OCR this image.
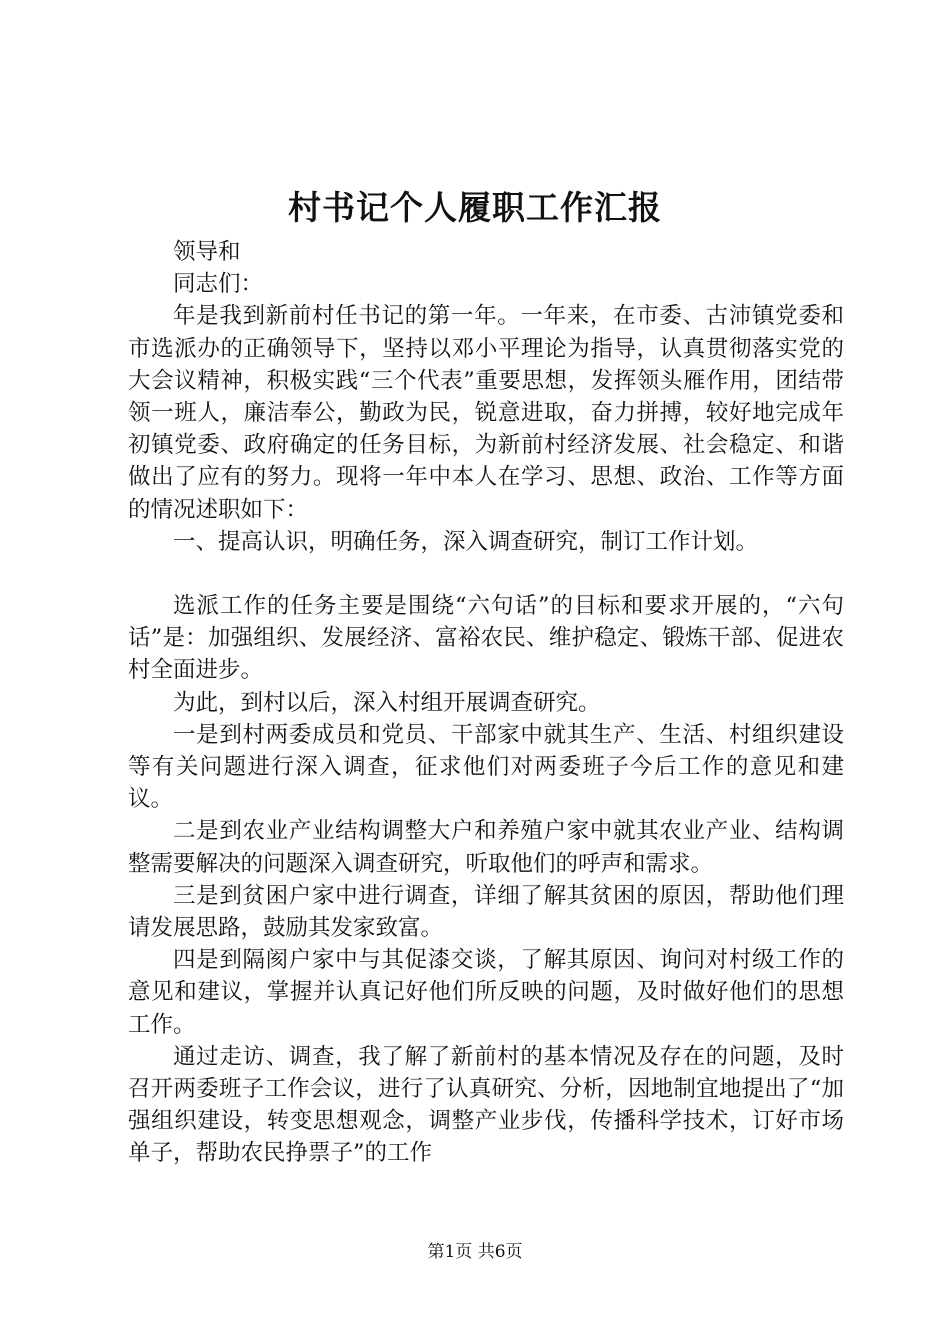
村书记个人履职工作汇报

领导和

同志们：

年是我到新前村任书记的第一年。一年来，在市委、古沛镇党委和市选派办的正确领导下，坚持以邓小平理论为指导，认真贯彻落实党的大会议精神，积极实践“三个代表”重要思想，发挥领头雁作用，团结带领一班人，廉洁奉公，勤政为民，锐意进取，奋力拼搏，较好地完成年初镇党委、政府确定的任务目标，为新前村经济发展、社会稳定、和谐做出了应有的努力。现将一年中本人在学习、思想、政治、工作等方面的情况述职如下：

一、提高认识，明确任务，深入调查研究，制订工作计划。

选派工作的任务主要是围绕“六句话”的目标和要求开展的，“六句话”是：加强组织、发展经济、富裕农民、维护稳定、锻炼干部、促进农村全面进步。

为此，到村以后，深入村组开展调查研究。

一是到村两委成员和党员、干部家中就其生产、生活、村组织建设等有关问题进行深入调查，征求他们对两委班子今后工作的意见和建议。

二是到农业产业结构调整大户和养殖户家中就其农业产业、结构调整需要解决的问题深入调查研究，听取他们的呼声和需求。

三是到贫困户家中进行调查，详细了解其贫困的原因，帮助他们理请发展思路，鼓励其发家致富。

四是到隔阂户家中与其促漆交谈，了解其原因、询问对村级工作的意见和建议，掌握并认真记好他们所反映的问题，及时做好他们的思想工作。

通过走访、调查，我了解了新前村的基本情况及存在的问题，及时召开两委班子工作会议，进行了认真研究、分析，因地制宜地提出了“加强组织建设，转变思想观念，调整产业步伐，传播科学技术，订好市场单子，帮助农民挣票子”的工作

第1页 共6页
